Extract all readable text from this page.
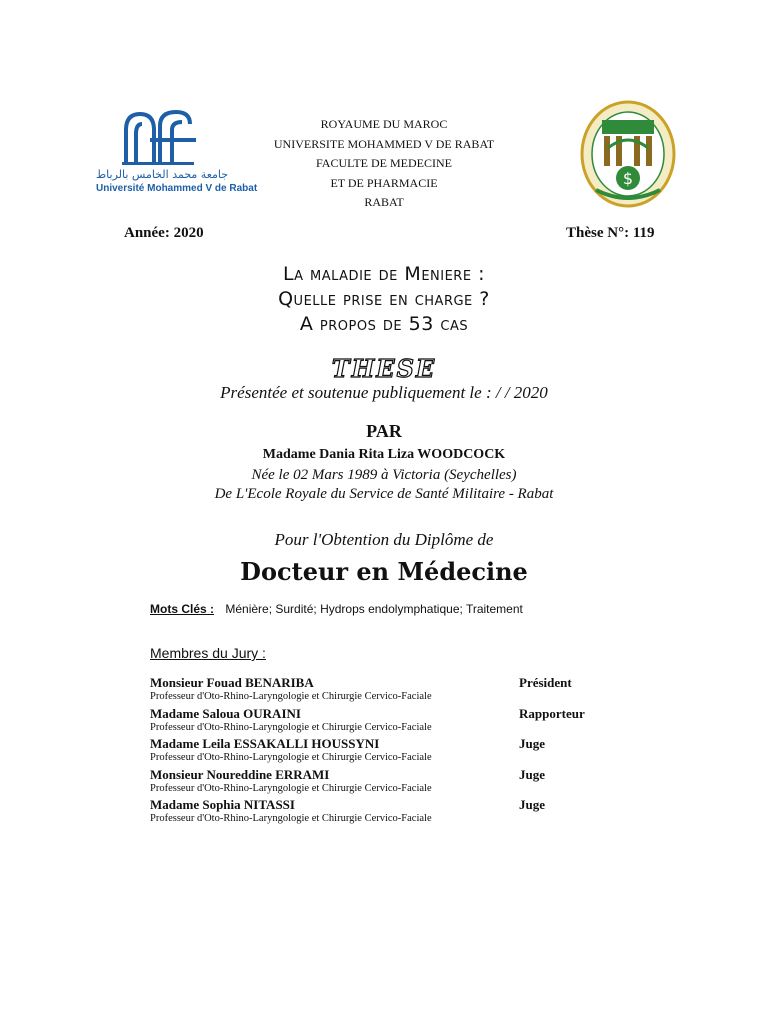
جامعة محمد الخامس بالرباط
Université Mohammed V de Rabat
ROYAUME DU MAROC
UNIVERSITE MOHAMMED V DE RABAT
FACULTE DE MEDECINE
ET DE PHARMACIE
RABAT
$
Année: 2020	Thèse N°: 119
La maladie de Meniere :
Quelle prise en charge ?
A propos de 53 cas
THESE
Présentée et soutenue publiquement le : / / 2020
PAR
Madame Dania Rita Liza WOODCOCK
Née le 02 Mars 1989 à Victoria (Seychelles)
De L'Ecole Royale du Service de Santé Militaire - Rabat
Pour l'Obtention du Diplôme de
Docteur en Médecine
Mots Clés : Ménière; Surdité; Hydrops endolymphatique; Traitement
Membres du Jury :
Monsieur Fouad BENARIBA	Président
Professeur d'Oto-Rhino-Laryngologie et Chirurgie Cervico-Faciale
Madame Saloua OURAINI	Rapporteur
Professeur d'Oto-Rhino-Laryngologie et Chirurgie Cervico-Faciale
Madame Leila ESSAKALLI HOUSSYNI	Juge
Professeur d'Oto-Rhino-Laryngologie et Chirurgie Cervico-Faciale
Monsieur Noureddine ERRAMI	Juge
Professeur d'Oto-Rhino-Laryngologie et Chirurgie Cervico-Faciale
Madame Sophia NITASSI	Juge
Professeur d'Oto-Rhino-Laryngologie et Chirurgie Cervico-Faciale
